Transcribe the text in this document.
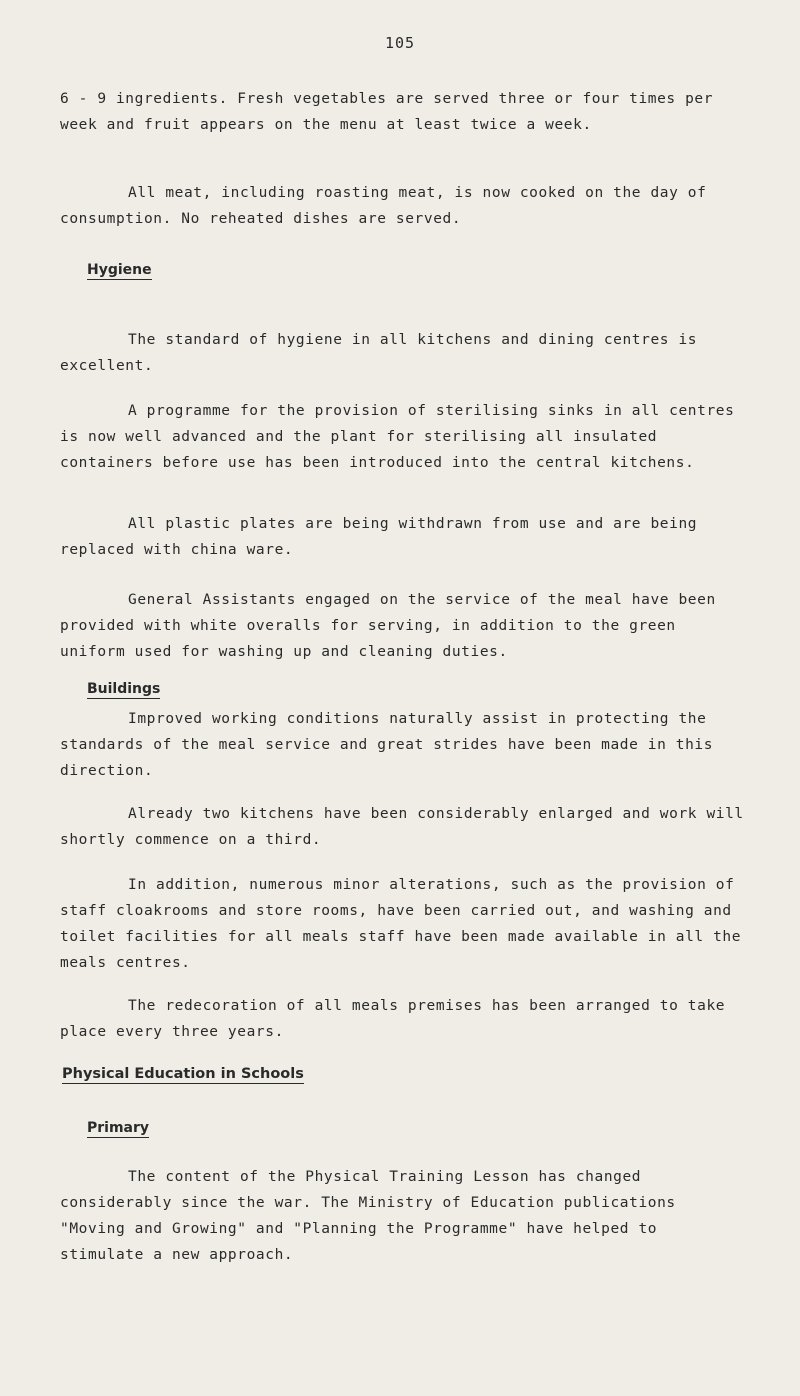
105

6 - 9 ingredients. Fresh vegetables are served three or four times per week and fruit appears on the menu at least twice a week.

All meat, including roasting meat, is now cooked on the day of consumption. No reheated dishes are served.

Hygiene

The standard of hygiene in all kitchens and dining centres is excellent.

A programme for the provision of sterilising sinks in all centres is now well advanced and the plant for sterilising all insulated containers before use has been introduced into the central kitchens.

All plastic plates are being withdrawn from use and are being replaced with china ware.

General Assistants engaged on the service of the meal have been provided with white overalls for serving, in addition to the green uniform used for washing up and cleaning duties.

Buildings

Improved working conditions naturally assist in protecting the standards of the meal service and great strides have been made in this direction.

Already two kitchens have been considerably enlarged and work will shortly commence on a third.

In addition, numerous minor alterations, such as the provision of staff cloakrooms and store rooms, have been carried out, and washing and toilet facilities for all meals staff have been made available in all the meals centres.

The redecoration of all meals premises has been arranged to take place every three years.

Physical Education in Schools
Primary

The content of the Physical Training Lesson has changed considerably since the war. The Ministry of Education publications "Moving and Growing" and "Planning the Programme" have helped to stimulate a new approach.
